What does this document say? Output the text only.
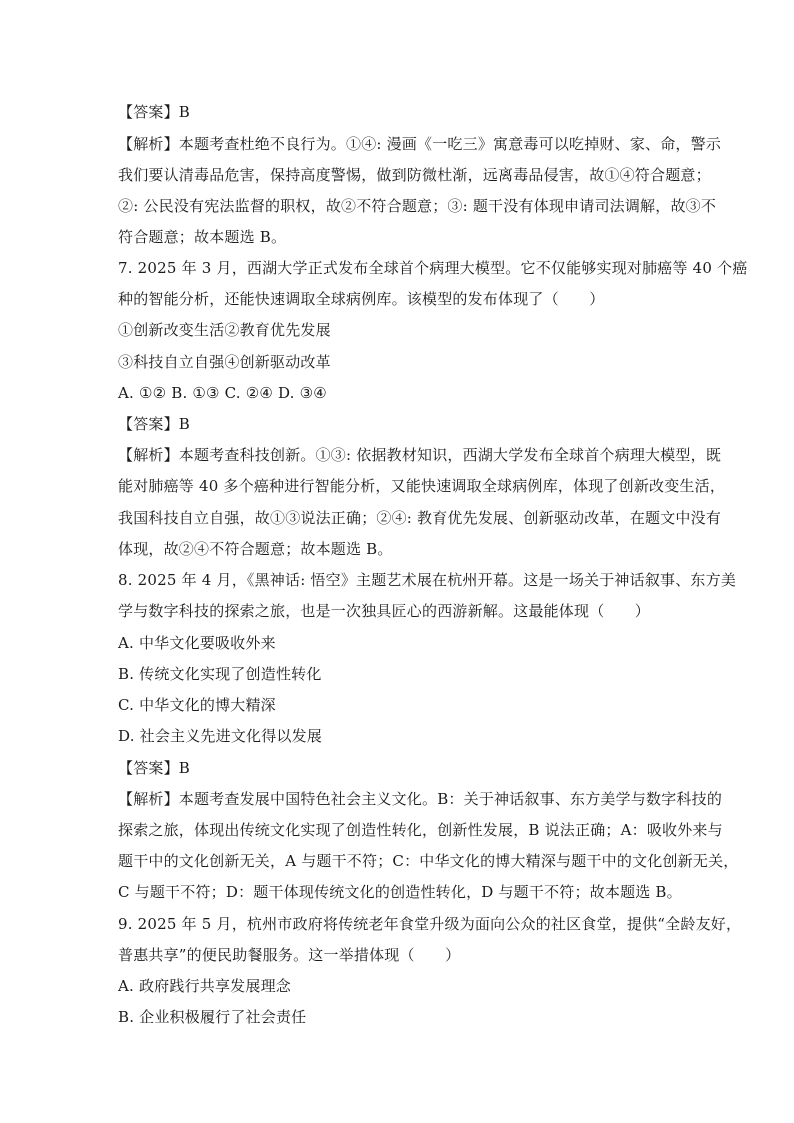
【答案】B
【解析】本题考查杜绝不良行为。①④: 漫画《一吃三》寓意毒可以吃掉财、家、命，警示
我们要认清毒品危害，保持高度警惕，做到防微杜渐，远离毒品侵害，故①④符合题意；
②: 公民没有宪法监督的职权，故②不符合题意；③: 题干没有体现申请司法调解，故③不
符合题意；故本题选 B。
7. 2025 年 3 月，西湖大学正式发布全球首个病理大模型。它不仅能够实现对肺癌等 40 个癌
种的智能分析，还能快速调取全球病例库。该模型的发布体现了（　　）
①创新改变生活②教育优先发展
③科技自立自强④创新驱动改革
A. ①② B. ①③ C. ②④ D. ③④
【答案】B
【解析】本题考查科技创新。①③: 依据教材知识，西湖大学发布全球首个病理大模型，既
能对肺癌等 40 多个癌种进行智能分析，又能快速调取全球病例库，体现了创新改变生活，
我国科技自立自强，故①③说法正确；②④: 教育优先发展、创新驱动改革，在题文中没有
体现，故②④不符合题意；故本题选 B。
8. 2025 年 4 月，《黑神话: 悟空》主题艺术展在杭州开幕。这是一场关于神话叙事、东方美
学与数字科技的探索之旅，也是一次独具匠心的西游新解。这最能体现（　　）
A. 中华文化要吸收外来
B. 传统文化实现了创造性转化
C. 中华文化的博大精深
D. 社会主义先进文化得以发展
【答案】B
【解析】本题考查发展中国特色社会主义文化。B：关于神话叙事、东方美学与数字科技的
探索之旅，体现出传统文化实现了创造性转化，创新性发展，B 说法正确；A：吸收外来与
题干中的文化创新无关，A 与题干不符；C：中华文化的博大精深与题干中的文化创新无关，
C 与题干不符；D：题干体现传统文化的创造性转化，D 与题干不符；故本题选 B。
9. 2025 年 5 月，杭州市政府将传统老年食堂升级为面向公众的社区食堂，提供“全龄友好，
普惠共享”的便民助餐服务。这一举措体现（　　）
A. 政府践行共享发展理念
B. 企业积极履行了社会责任
